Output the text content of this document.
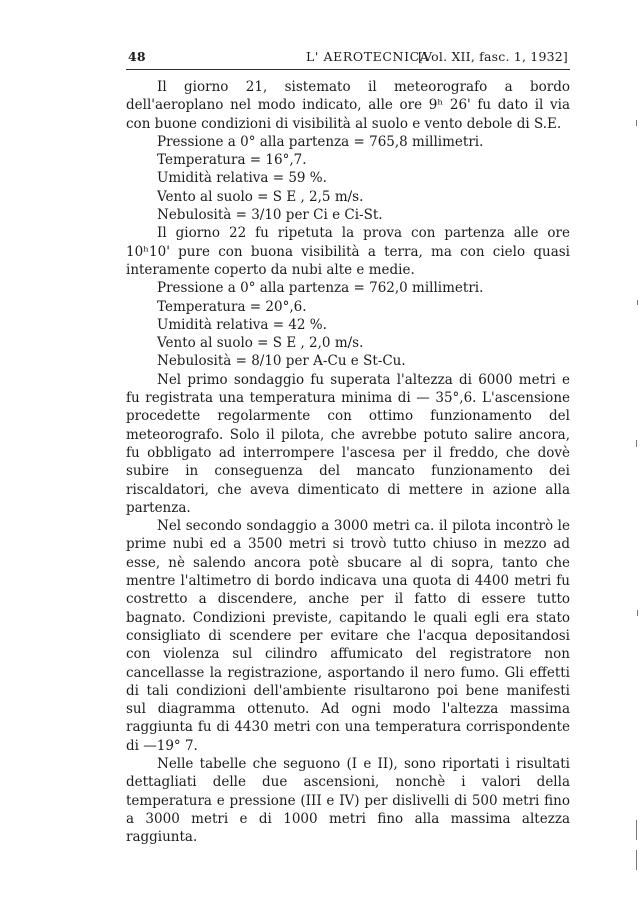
48	L' AEROTECNICA
[Vol. XII, fasc. 1, 1932]

Il giorno 21, sistemato il meteorografo a bordo dell'aeroplano nel modo indicato, alle ore 9ʰ 26' fu dato il via con buone condizioni di visibilità al suolo e vento debole di S.E.

Pressione a 0° alla partenza = 765,8 millimetri.

Temperatura = 16°,7.

Umidità relativa = 59 %.

Vento al suolo = S E , 2,5 m/s.

Nebulosità = 3/10 per Ci e Ci-St.

Il giorno 22 fu ripetuta la prova con partenza alle ore 10ʰ10' pure con buona visibilità a terra, ma con cielo quasi interamente coperto da nubi alte e medie.

Pressione a 0° alla partenza = 762,0 millimetri.

Temperatura = 20°,6.

Umidità relativa = 42 %.

Vento al suolo = S E , 2,0 m/s.

Nebulosità = 8/10 per A-Cu e St-Cu.

Nel primo sondaggio fu superata l'altezza di 6000 metri e fu registrata una temperatura minima di — 35°,6. L'ascensione procedette regolarmente con ottimo funzionamento del meteorografo. Solo il pilota, che avrebbe potuto salire ancora, fu obbligato ad interrompere l'ascesa per il freddo, che dovè subire in conseguenza del mancato funzionamento dei riscaldatori, che aveva dimenticato di mettere in azione alla partenza.

Nel secondo sondaggio a 3000 metri ca. il pilota incontrò le prime nubi ed a 3500 metri si trovò tutto chiuso in mezzo ad esse, nè salendo ancora potè sbucare al di sopra, tanto che mentre l'altimetro di bordo indicava una quota di 4400 metri fu costretto a discendere, anche per il fatto di essere tutto bagnato. Condizioni previste, capitando le quali egli era stato consigliato di scendere per evitare che l'acqua depositandosi con violenza sul cilindro affumicato del registratore non cancellasse la registrazione, asportando il nero fumo. Gli effetti di tali condizioni dell'ambiente risultarono poi bene manifesti sul diagramma ottenuto. Ad ogni modo l'altezza massima raggiunta fu di 4430 metri con una temperatura corrispondente di —19° 7.

Nelle tabelle che seguono (I e II), sono riportati i risultati dettagliati delle due ascensioni, nonchè i valori della temperatura e pressione (III e IV) per dislivelli di 500 metri fino a 3000 metri e di 1000 metri fino alla massima altezza raggiunta.
